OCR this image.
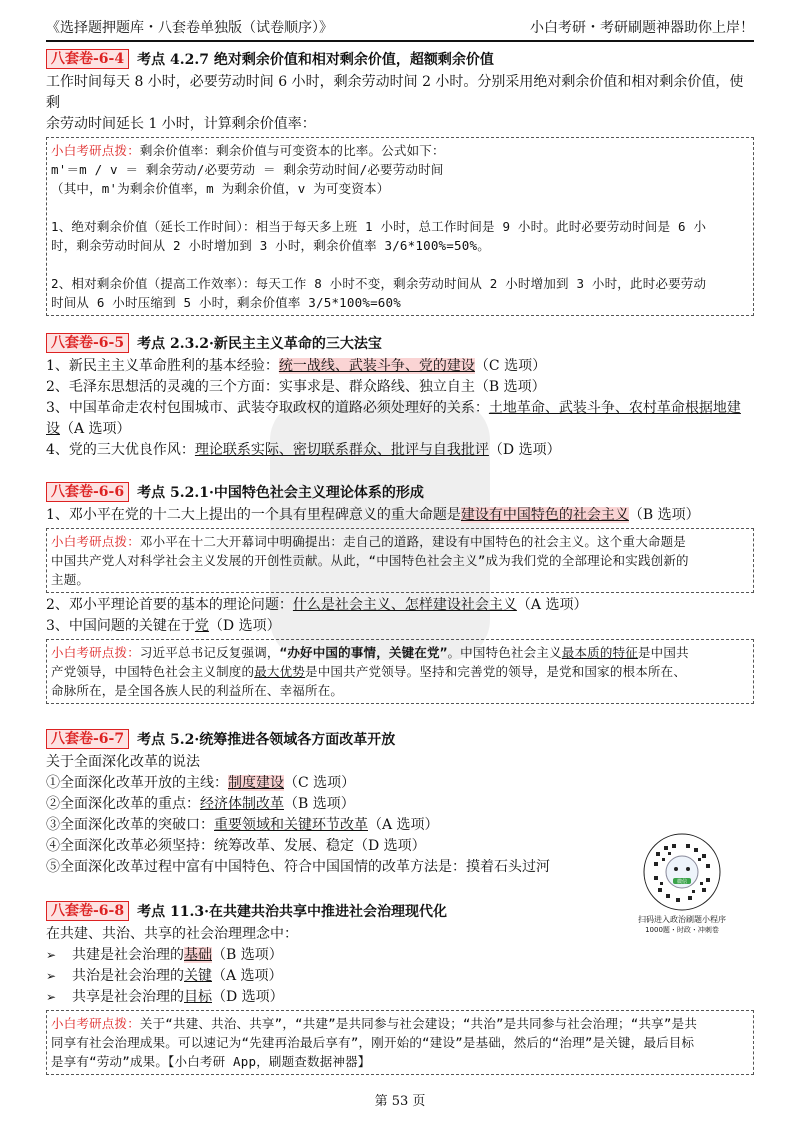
《选择题押题库・八套卷单独版（试卷顺序）》	小白考研・考研刷题神器助你上岸！
八套卷-6-4 考点 4.2.7 绝对剩余价值和相对剩余价值，超额剩余价值
工作时间每天 8 小时，必要劳动时间 6 小时，剩余劳动时间 2 小时。分别采用绝对剩余价值和相对剩余价值，使剩
余劳动时间延长 1 小时，计算剩余价值率：
小白考研点拨：剩余价值率：剩余价值与可变资本的比率。公式如下：
m'＝m / v ＝ 剩余劳动/必要劳动 ＝ 剩余劳动时间/必要劳动时间
（其中，m'为剩余价值率，m 为剩余价值，v 为可变资本）
1、绝对剩余价值（延长工作时间）：相当于每天多上班 1 小时，总工作时间是 9 小时。此时必要劳动时间是 6 小
时，剩余劳动时间从 2 小时增加到 3 小时，剩余价值率 3/6*100%=50%。
2、相对剩余价值（提高工作效率）：每天工作 8 小时不变，剩余劳动时间从 2 小时增加到 3 小时，此时必要劳动
时间从 6 小时压缩到 5 小时，剩余价值率 3/5*100%=60%
八套卷-6-5 考点 2.3.2·新民主主义革命的三大法宝
1、新民主主义革命胜利的基本经验：统一战线、武装斗争、党的建设（C 选项）
2、毛泽东思想活的灵魂的三个方面：实事求是、群众路线、独立自主（B 选项）
3、中国革命走农村包围城市、武装夺取政权的道路必须处理好的关系：土地革命、武装斗争、农村革命根据地建
设（A 选项）
4、党的三大优良作风：理论联系实际、密切联系群众、批评与自我批评（D 选项）
八套卷-6-6 考点 5.2.1·中国特色社会主义理论体系的形成
1、邓小平在党的十二大上提出的一个具有里程碑意义的重大命题是建设有中国特色的社会主义（B 选项）
小白考研点拨：邓小平在十二大开幕词中明确提出：走自己的道路，建设有中国特色的社会主义。这个重大命题是
中国共产党人对科学社会主义发展的开创性贡献。从此，“中国特色社会主义”成为我们党的全部理论和实践创新的
主题。
2、邓小平理论首要的基本的理论问题：什么是社会主义、怎样建设社会主义（A 选项）
3、中国问题的关键在于党（D 选项）
小白考研点拨：习近平总书记反复强调，“办好中国的事情，关键在党”。中国特色社会主义最本质的特征是中国共
产党领导，中国特色社会主义制度的最大优势是中国共产党领导。坚持和完善党的领导，是党和国家的根本所在、
命脉所在，是全国各族人民的利益所在、幸福所在。
八套卷-6-7 考点 5.2·统筹推进各领域各方面改革开放
关于全面深化改革的说法
①全面深化改革开放的主线：制度建设（C 选项）
②全面深化改革的重点：经济体制改革（B 选项）
③全面深化改革的突破口：重要领域和关键环节改革（A 选项）
④全面深化改革必须坚持：统筹改革、发展、稳定（D 选项）
⑤全面深化改革过程中富有中国特色、符合中国国情的改革方法是：摸着石头过河
八套卷-6-8 考点 11.3·在共建共治共享中推进社会治理现代化
在共建、共治、共享的社会治理理念中：
➢	共建是社会治理的基础（B 选项）
➢	共治是社会治理的关键（A 选项）
➢	共享是社会治理的目标（D 选项）
小白考研点拨：关于“共建、共治、共享”，“共建”是共同参与社会建设；“共治”是共同参与社会治理；“共享”是共
同享有社会治理成果。可以速记为“先建再治最后享有”，刚开始的“建设”是基础，然后的“治理”是关键，最后目标
是享有“劳动”成果。【小白考研 App，刷题查数据神器】
微信
扫码进入政治刷题小程序
1000题・时政・冲刺卷
第 53 页
